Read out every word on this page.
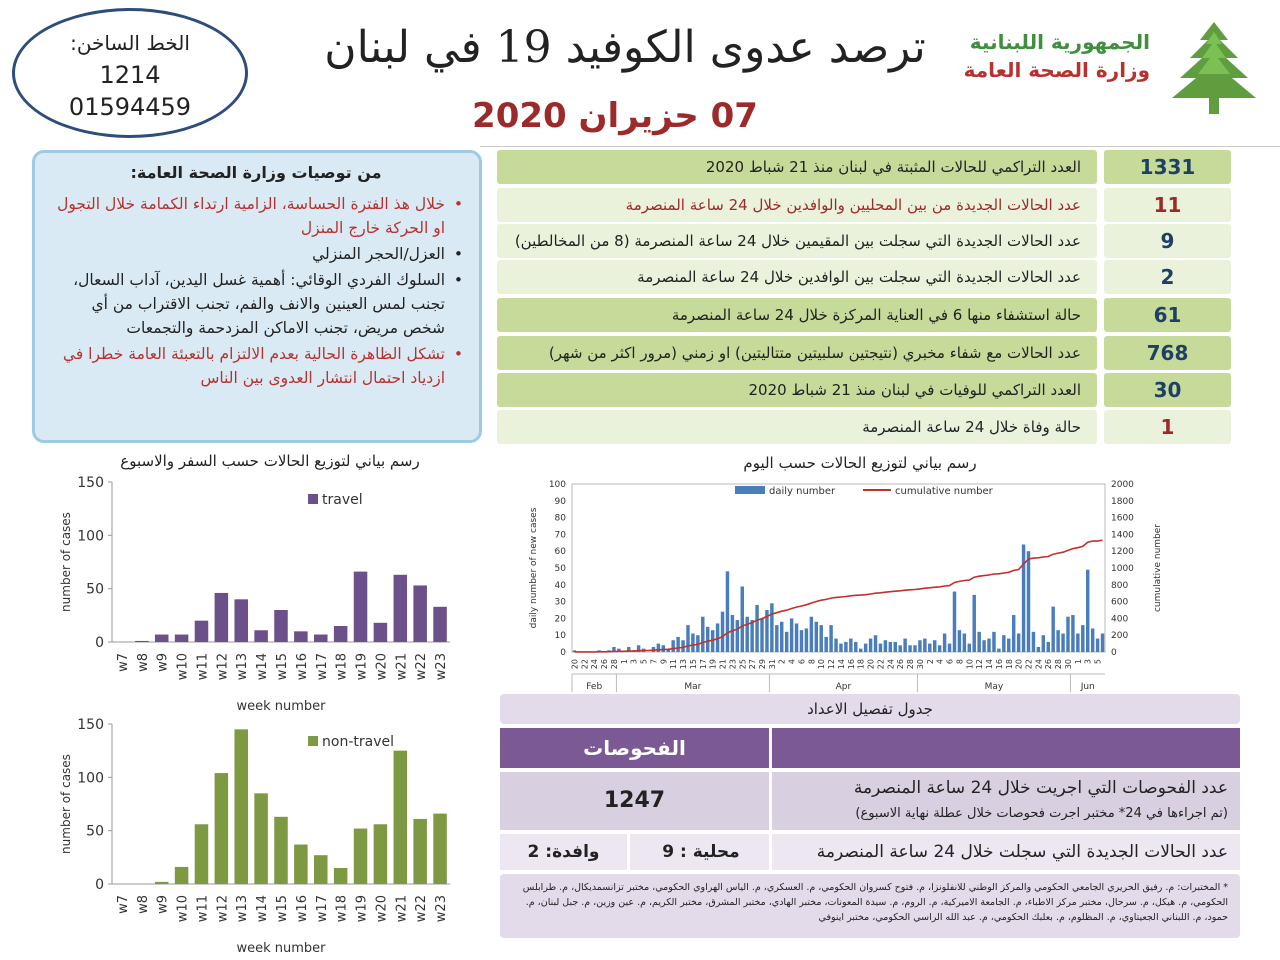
الخط الساخن:
1214
01594459
ترصد عدوى الكوفيد 19 في لبنان
07 حزيران 2020
الجمهورية اللبنانية
وزارة الصحة العامة
من توصيات وزارة الصحة العامة:
•
خلال هذ الفترة الحساسة، الزامية ارتداء الكمامة خلال التجول او الحركة خارج المنزل
•
العزل/الحجر المنزلي
•
السلوك الفردي الوقائي: أهمية غسل اليدين، آداب السعال، تجنب لمس العينين والانف والفم، تجنب الاقتراب من أي شخص مريض، تجنب الاماكن المزدحمة والتجمعات
•
تشكل الظاهرة الحالية بعدم الالتزام بالتعبئة العامة خطرا في ازدياد احتمال انتشار العدوى بين الناس
العدد التراكمي للحالات المثبتة في لبنان منذ 21 شباط 2020	1331
عدد الحالات الجديدة من بين المحليين والوافدين خلال 24 ساعة المنصرمة	11
عدد الحالات الجديدة التي سجلت بين المقيمين خلال 24 ساعة المنصرمة (8 من المخالطين)	9
عدد الحالات الجديدة التي سجلت بين الوافدين خلال 24 ساعة المنصرمة	2
حالة استشفاء منها 6 في العناية المركزة خلال 24 ساعة المنصرمة	61
عدد الحالات مع شفاء مخبري (نتيجتين سلبيتين متتاليتين) او زمني (مرور اكثر من شهر)	768
العدد التراكمي للوفيات في لبنان منذ 21 شباط 2020	30
حالة وفاة خلال 24 ساعة المنصرمة	1
رسم بياني لتوزيع الحالات حسب السفر والاسبوع	رسم بياني لتوزيع الحالات حسب اليوم
0
50
100
150
w7 w8 w9 w10 w11 w12 w13 w14 w15 w16 w17 w18 w19 w20 w21 w22 w23
travel
number of cases
week number
0
50
100
150
w7 w8 w9 w10 w11 w12 w13 w14 w15 w16 w17 w18 w19 w20 w21 w22 w23
non-travel
number of cases
week number
0
10
20
30
40
50
60
70
80
90
100
0
200
400
600
800
1000
1200
1400
1600
1800
2000
20 22 24 26 28 1 3 5 7 9 11 13 15 17 19 21 23 25 27 29 31 2 4 6 8 10 12 14 16 18 20 22 24 26 28 30 2 4 6 8 10 12 14 16 18 20 22 24 26 28 30 1 3 5
Feb	Mar	Apr	May	Jun
daily number	cumulative number
daily number of new cases	cumulative number
جدول تفصيل الاعداد
الفحوصات
1247	عدد الفحوصات التي اجريت خلال 24 ساعة المنصرمة
(تم اجراءها في 24* مختبر اجرت فحوصات خلال عطلة نهاية الاسبوع)
وافدة: 2	محلية : 9	عدد الحالات الجديدة التي سجلت خلال 24 ساعة المنصرمة
* المختبرات: م. رفيق الحريري الجامعي الحكومي والمركز الوطني للانفلونزا، م. فتوح كسروان الحكومي، م. العسكري، م. الياس الهراوي الحكومي، مختبر تزانسمديكال، م. طرابلس الحكومي، م. هيكل، م. سرحال، مختبر مركز الاطباء، م. الجامعة الاميركية، م. الروم، م. سيدة المعونات، مختبر الهادي، مختبر المشرق، مختبر الكريم، م. عين وزين، م. جبل لبنان، م. حمود، م. اللبناني الجعيتاوي، م. المظلوم، م. بعلبك الحكومي، م. عبد الله الراسي الحكومي، مختبر اينوفي
